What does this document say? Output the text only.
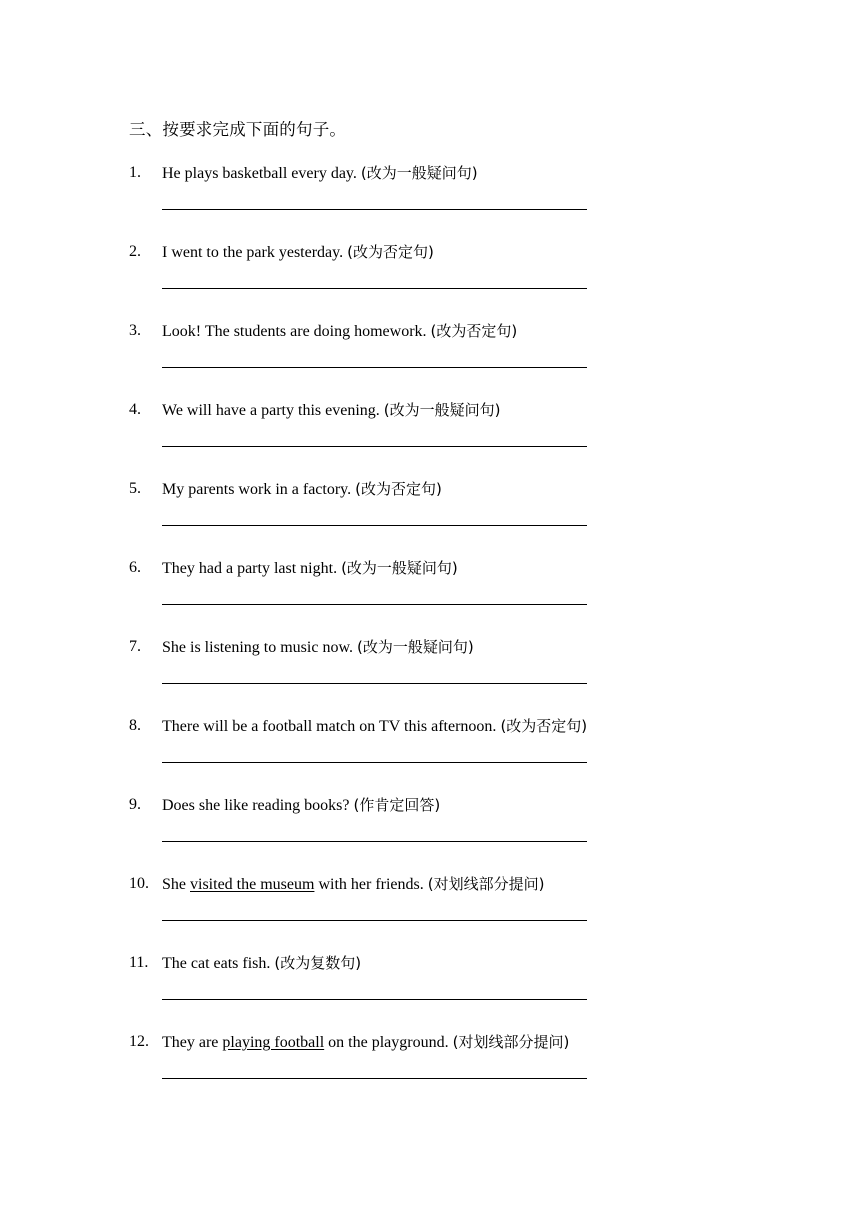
三、按要求完成下面的句子。
1. He plays basketball every day. (改为一般疑问句)
2. I went to the park yesterday. (改为否定句)
3. Look! The students are doing homework. (改为否定句)
4. We will have a party this evening. (改为一般疑问句)
5. My parents work in a factory. (改为否定句)
6. They had a party last night. (改为一般疑问句)
7. She is listening to music now. (改为一般疑问句)
8. There will be a football match on TV this afternoon. (改为否定句)
9. Does she like reading books? (作肯定回答)
10. She visited the museum with her friends. (对划线部分提问)
11. The cat eats fish. (改为复数句)
12. They are playing football on the playground. (对划线部分提问)
